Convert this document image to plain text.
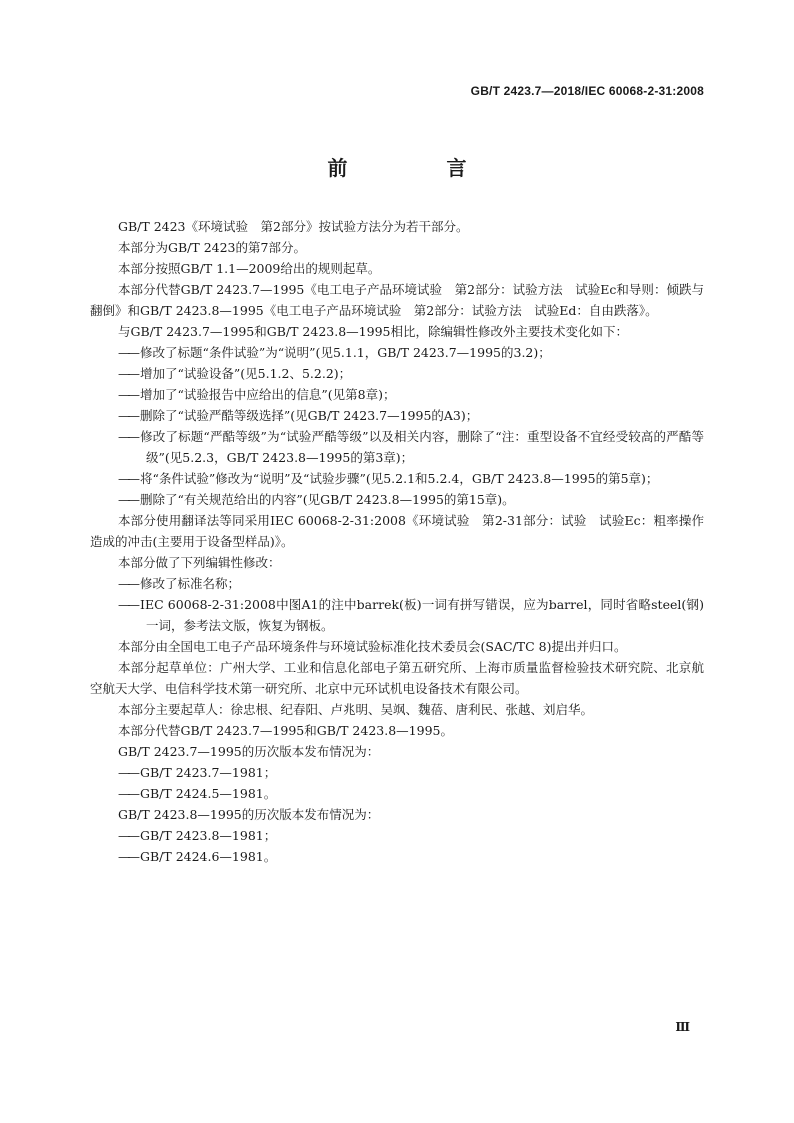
GB/T 2423.7—2018/IEC 60068-2-31:2008
前 言

GB/T 2423《环境试验　第2部分》按试验方法分为若干部分。

本部分为GB/T 2423的第7部分。

本部分按照GB/T 1.1—2009给出的规则起草。

本部分代替GB/T 2423.7—1995《电工电子产品环境试验　第2部分：试验方法　试验Ec和导则：倾跌与翻倒》和GB/T 2423.8—1995《电工电子产品环境试验　第2部分：试验方法　试验Ed：自由跌落》。

与GB/T 2423.7—1995和GB/T 2423.8—1995相比，除编辑性修改外主要技术变化如下：

—— 修改了标题“条件试验”为“说明”(见5.1.1，GB/T 2423.7—1995的3.2)；

—— 增加了“试验设备”(见5.1.2、5.2.2)；

—— 增加了“试验报告中应给出的信息”(见第8章)；

—— 删除了“试验严酷等级选择”(见GB/T 2423.7—1995的A3)；

—— 修改了标题“严酷等级”为“试验严酷等级”以及相关内容，删除了“注：重型设备不宜经受较高的严酷等级”(见5.2.3，GB/T 2423.8—1995的第3章)；

—— 将“条件试验”修改为“说明”及“试验步骤”(见5.2.1和5.2.4，GB/T 2423.8—1995的第5章)；

—— 删除了“有关规范给出的内容”(见GB/T 2423.8—1995的第15章)。

本部分使用翻译法等同采用IEC 60068-2-31:2008《环境试验　第2-31部分：试验　试验Ec：粗率操作造成的冲击(主要用于设备型样品)》。

本部分做了下列编辑性修改：

—— 修改了标准名称；

—— IEC 60068-2-31:2008中图A1的注中barrek(板)一词有拼写错误，应为barrel，同时省略steel(钢)一词，参考法文版，恢复为钢板。

本部分由全国电工电子产品环境条件与环境试验标准化技术委员会(SAC/TC 8)提出并归口。

本部分起草单位：广州大学、工业和信息化部电子第五研究所、上海市质量监督检验技术研究院、北京航空航天大学、电信科学技术第一研究所、北京中元环试机电设备技术有限公司。

本部分主要起草人：徐忠根、纪春阳、卢兆明、吴飒、魏蓓、唐利民、张越、刘启华。

本部分代替GB/T 2423.7—1995和GB/T 2423.8—1995。

GB/T 2423.7—1995的历次版本发布情况为：

—— GB/T 2423.7—1981；

—— GB/T 2424.5—1981。

GB/T 2423.8—1995的历次版本发布情况为：

—— GB/T 2423.8—1981；

—— GB/T 2424.6—1981。

Ⅲ
